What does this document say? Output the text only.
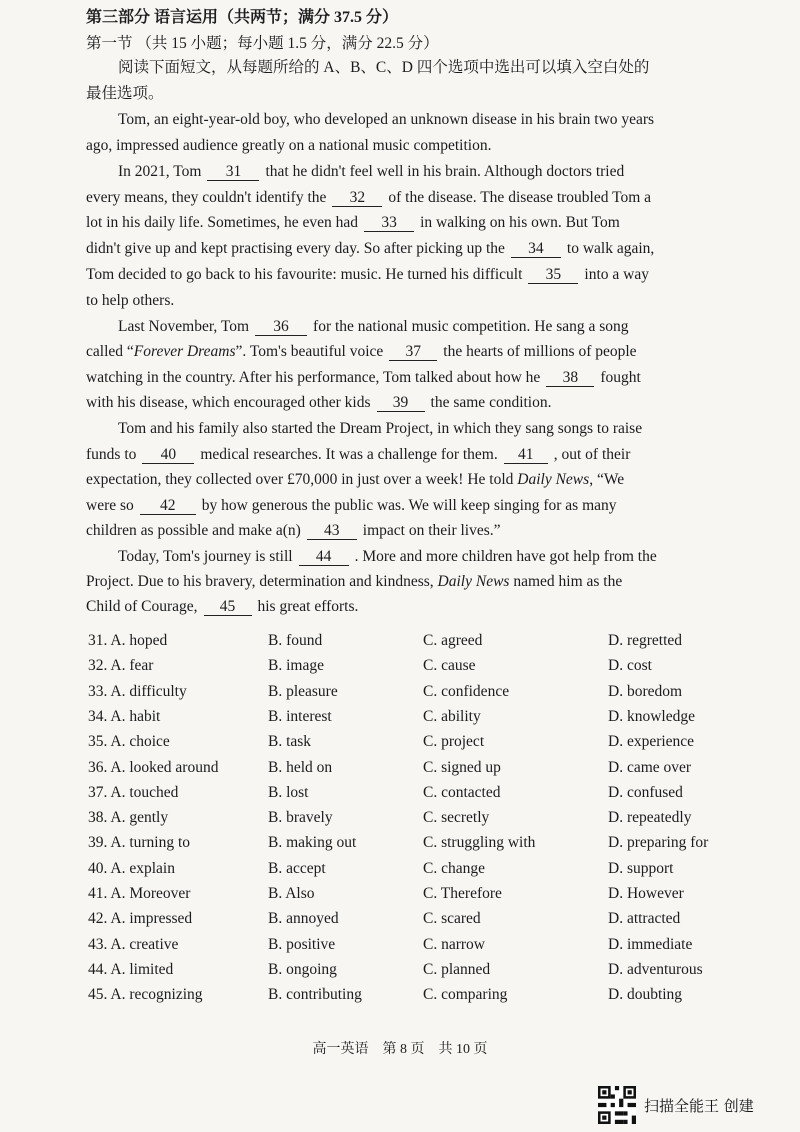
第三部分 语言运用（共两节；满分 37.5 分）
第一节 （共 15 小题；每小题 1.5 分，满分 22.5 分）
阅读下面短文，从每题所给的 A、B、C、D 四个选项中选出可以填入空白处的
最佳选项。
Tom, an eight-year-old boy, who developed an unknown disease in his brain two years
ago, impressed audience greatly on a national music competition.
In 2021, Tom 31 that he didn't feel well in his brain. Although doctors tried
every means, they couldn't identify the 32 of the disease. The disease troubled Tom a
lot in his daily life. Sometimes, he even had 33 in walking on his own. But Tom
didn't give up and kept practising every day. So after picking up the 34 to walk again,
Tom decided to go back to his favourite: music. He turned his difficult 35 into a way
to help others.
Last November, Tom 36 for the national music competition. He sang a song
called “Forever Dreams”. Tom's beautiful voice 37 the hearts of millions of people
watching in the country. After his performance, Tom talked about how he 38 fought
with his disease, which encouraged other kids 39 the same condition.
Tom and his family also started the Dream Project, in which they sang songs to raise
funds to 40 medical researches. It was a challenge for them. 41 , out of their
expectation, they collected over £70,000 in just over a week! He told Daily News, “We
were so 42 by how generous the public was. We will keep singing for as many
children as possible and make a(n) 43 impact on their lives.”
Today, Tom's journey is still 44 . More and more children have got help from the
Project. Due to his bravery, determination and kindness, Daily News named him as the
Child of Courage, 45 his great efforts.
31. A. hoped	B. found	C. agreed	D. regretted
32. A. fear	B. image	C. cause	D. cost
33. A. difficulty	B. pleasure	C. confidence	D. boredom
34. A. habit	B. interest	C. ability	D. knowledge
35. A. choice	B. task	C. project	D. experience
36. A. looked around	B. held on	C. signed up	D. came over
37. A. touched	B. lost	C. contacted	D. confused
38. A. gently	B. bravely	C. secretly	D. repeatedly
39. A. turning to	B. making out	C. struggling with	D. preparing for
40. A. explain	B. accept	C. change	D. support
41. A. Moreover	B. Also	C. Therefore	D. However
42. A. impressed	B. annoyed	C. scared	D. attracted
43. A. creative	B. positive	C. narrow	D. immediate
44. A. limited	B. ongoing	C. planned	D. adventurous
45. A. recognizing	B. contributing	C. comparing	D. doubting
高一英语　第 8 页　共 10 页
扫描全能王 创建
